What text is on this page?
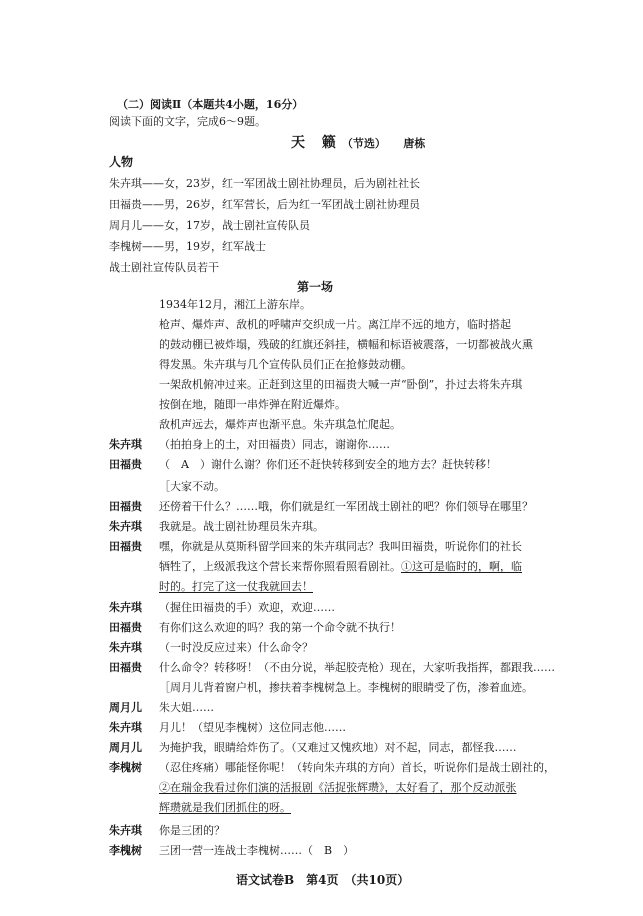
（二）阅读Ⅱ（本题共4小题，16分）
阅读下面的文字，完成6～9题。
天 籁（节选） 唐栋
人物
朱卉琪——女，23岁，红一军团战士剧社协理员，后为剧社社长
田福贵——男，26岁，红军营长，后为红一军团战士剧社协理员
周月儿——女，17岁，战士剧社宣传队员
李槐树——男，19岁，红军战士
战士剧社宣传队员若干
第一场
1934年12月，湘江上游东岸。
枪声、爆炸声、敌机的呼啸声交织成一片。离江岸不远的地方，临时搭起
的鼓动棚已被炸塌，残破的红旗还斜挂，横幅和标语被震落，一切都被战火熏
得发黑。朱卉琪与几个宣传队员们正在抢修鼓动棚。
一架敌机俯冲过来。正赶到这里的田福贵大喊一声“卧倒”，扑过去将朱卉琪
按倒在地，随即一串炸弹在附近爆炸。
敌机声远去，爆炸声也渐平息。朱卉琪急忙爬起。
朱卉琪 （拍拍身上的土，对田福贵）同志，谢谢你……
田福贵 （　A　）谢什么谢？你们还不赶快转移到安全的地方去？赶快转移！
［大家不动。
田福贵 还傍着干什么？……哦，你们就是红一军团战士剧社的吧？你们领导在哪里？
朱卉琪 我就是。战士剧社协理员朱卉琪。
田福贵 嘿，你就是从莫斯科留学回来的朱卉琪同志？我叫田福贵，听说你们的社长
牺牲了，上级派我这个营长来帮你照看照看剧社。①这可是临时的，啊，临
时的。打完了这一仗我就回去！
朱卉琪 （握住田福贵的手）欢迎，欢迎……
田福贵 有你们这么欢迎的吗？我的第一个命令就不执行！
朱卉琪 （一时没反应过来）什么命令？
田福贵 什么命令？转移呀！（不由分说，举起胶壳枪）现在，大家听我指挥，都跟我……
［周月儿背着窗户机，掺扶着李槐树急上。李槐树的眼睛受了伤，渗着血迹。
周月儿 朱大姐……
朱卉琪 月儿！（望见李槐树）这位同志他……
周月儿 为掩护我，眼睛给炸伤了。（又难过又愧疚地）对不起，同志，都怪我……
李槐树 （忍住疼痛）哪能怪你呢！（转向朱卉琪的方向）首长，听说你们是战士剧社的，
②在瑞金我看过你们演的活报剧《活捉张辉瓒》，太好看了，那个反动派张
辉瓒就是我们团抓住的呀。
朱卉琪 你是三团的？
李槐树 三团一营一连战士李槐树……（　B　）
语文试卷B　第4页　（共10页）
